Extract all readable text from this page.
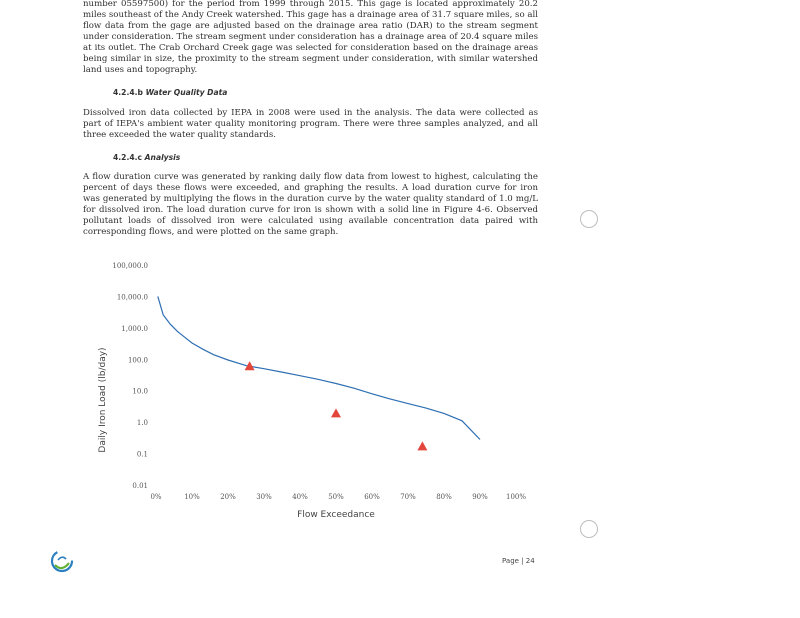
number 05597500) for the period from 1999 through 2015. This gage is located approximately 20.2 miles southeast of the Andy Creek watershed. This gage has a drainage area of 31.7 square miles, so all flow data from the gage are adjusted based on the drainage area ratio (DAR) to the stream segment under consideration. The stream segment under consideration has a drainage area of 20.4 square miles at its outlet. The Crab Orchard Creek gage was selected for consideration based on the drainage areas being similar in size, the proximity to the stream segment under consideration, with similar watershed land uses and topography.

4.2.4.b Water Quality Data

Dissolved iron data collected by IEPA in 2008 were used in the analysis. The data were collected as part of IEPA's ambient water quality monitoring program. There were three samples analyzed, and all three exceeded the water quality standards.

4.2.4.c Analysis

A flow duration curve was generated by ranking daily flow data from lowest to highest, calculating the percent of days these flows were exceeded, and graphing the results. A load duration curve for iron was generated by multiplying the flows in the duration curve by the water quality standard of 1.0 mg/L for dissolved iron. The load duration curve for iron is shown with a solid line in Figure 4-6. Observed pollutant loads of dissolved iron were calculated using available concentration data paired with corresponding flows, and were plotted on the same graph.

100,000.0
10,000.0
1,000.0
100.0
10.0
1.0
0.1
0.01
0%	10%	20%	30%	40%	50%	60%	70%	80%	90%	100%
Daily Iron Load (lb/day)
Flow Exceedance
Page | 24
